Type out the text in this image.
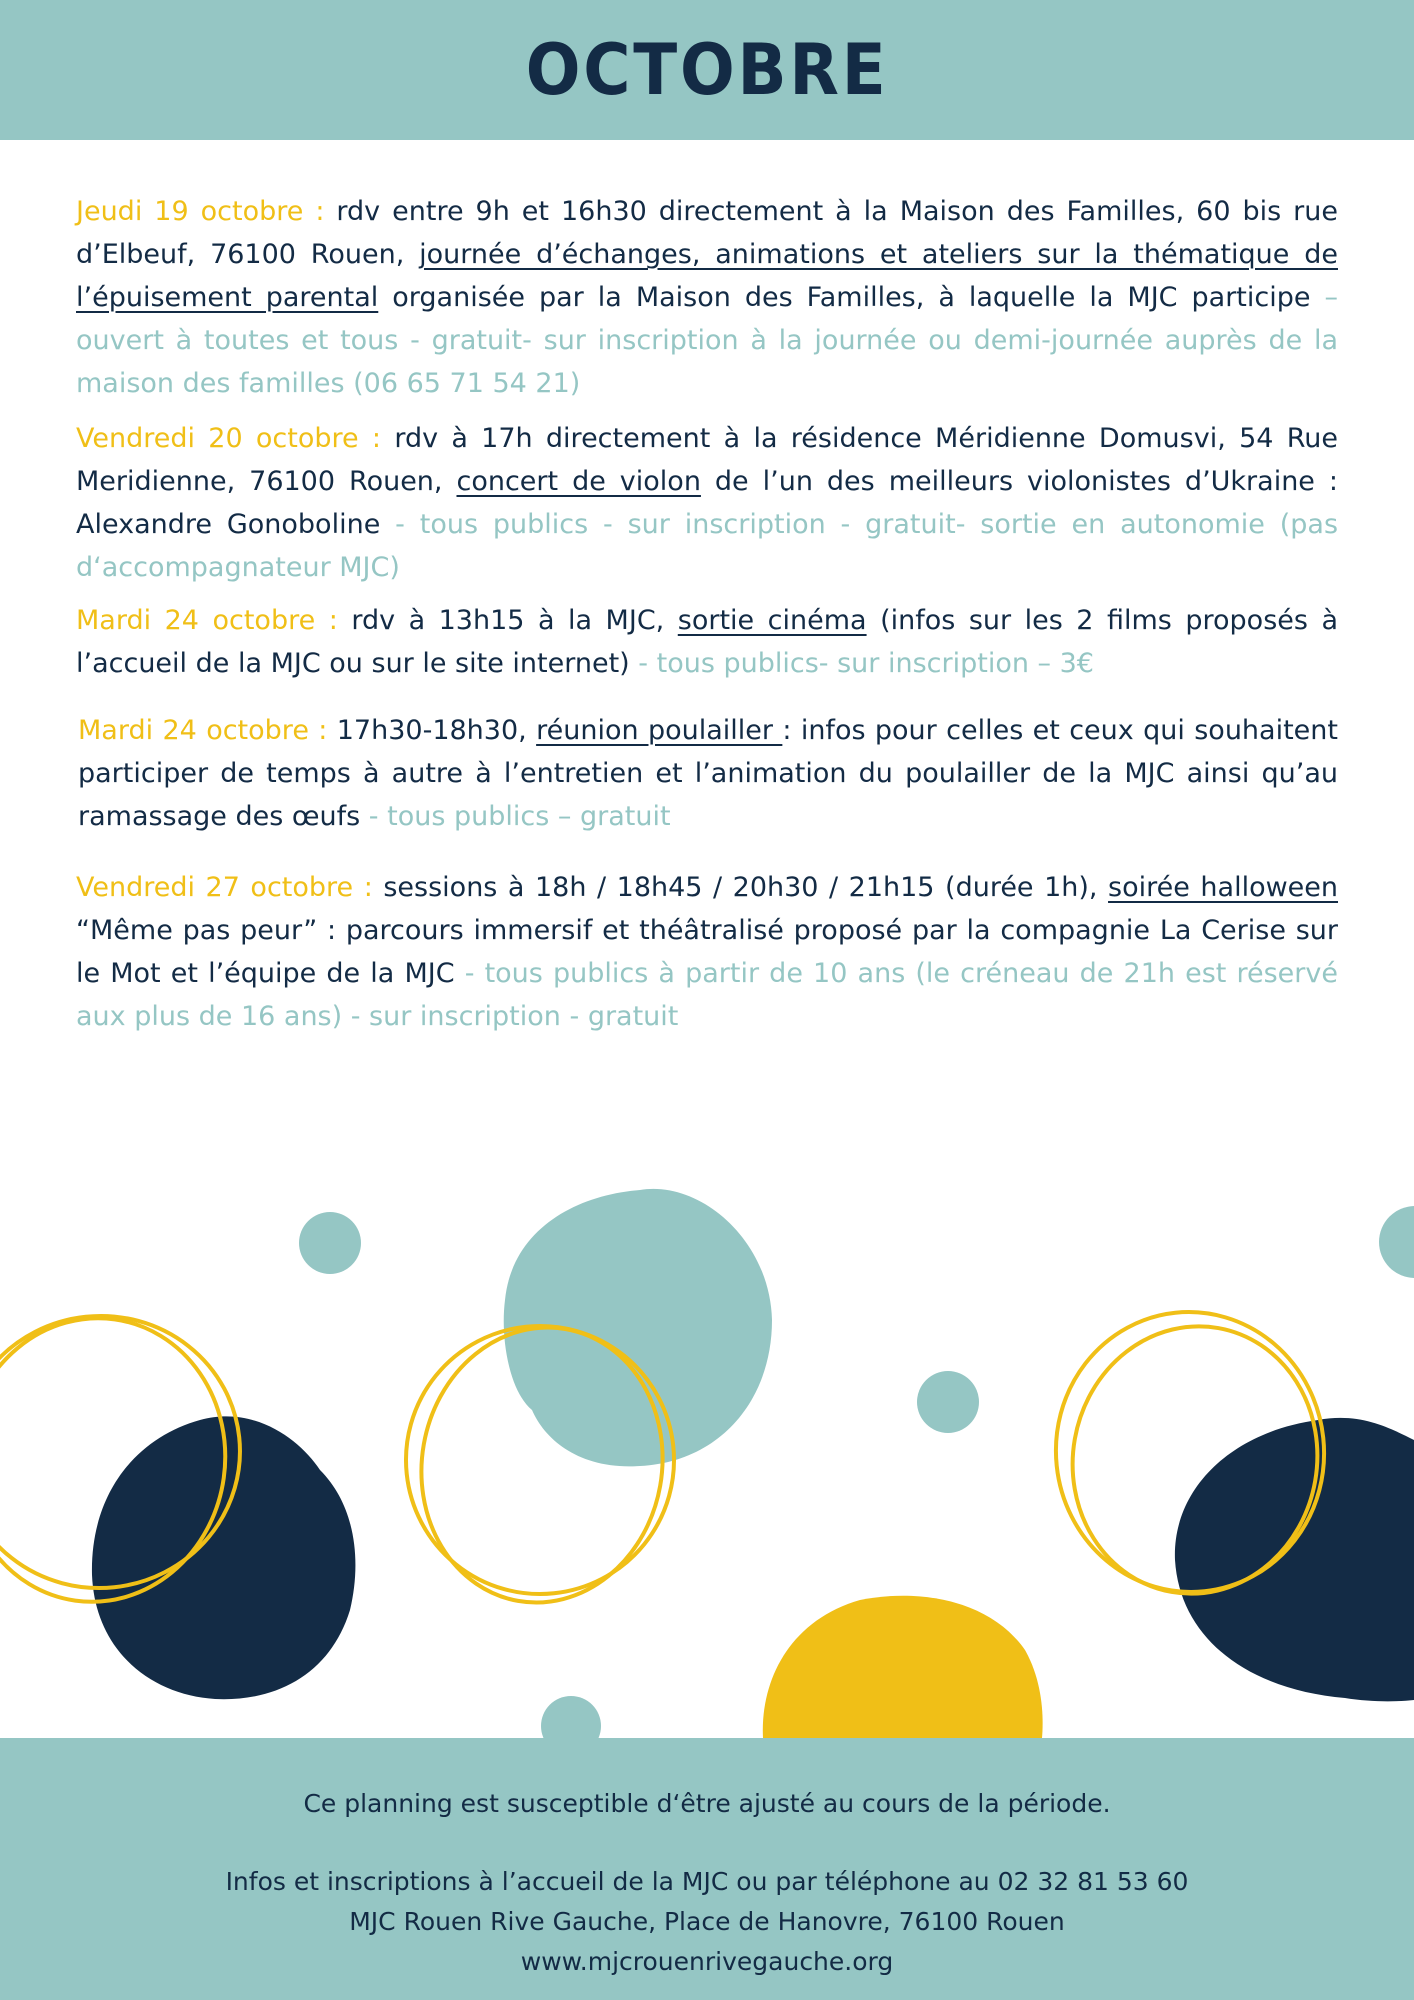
OCTOBRE

Jeudi 19 octobre : rdv entre 9h et 16h30 directement à la Maison des Familles, 60 bis rue d’Elbeuf, 76100 Rouen, journée d’échanges, animations et ateliers sur la thématique de l’épuisement parental organisée par la Maison des Familles, à laquelle la MJC participe – ouvert à toutes et tous - gratuit- sur inscription à la journée ou demi-journée auprès de la maison des familles (06 65 71 54 21)

Vendredi 20 octobre : rdv à 17h directement à la résidence Méridienne Domusvi, 54 Rue Meridienne, 76100 Rouen, concert de violon de l’un des meilleurs violonistes d’Ukraine : Alexandre Gonoboline - tous publics - sur inscription - gratuit- sortie en autonomie (pas d‘accompagnateur MJC)

Mardi 24 octobre : rdv à 13h15 à la MJC, sortie cinéma (infos sur les 2 films proposés à l’accueil de la MJC ou sur le site internet) - tous publics- sur inscription – 3€

Mardi 24 octobre : 17h30-18h30, réunion poulailler : infos pour celles et ceux qui souhaitent participer de temps à autre à l’entretien et l’animation du poulailler de la MJC ainsi qu’au ramassage des œufs - tous publics – gratuit

Vendredi 27 octobre : sessions à 18h / 18h45 / 20h30 / 21h15 (durée 1h), soirée halloween “Même pas peur” : parcours immersif et théâtralisé proposé par la compagnie La Cerise sur le Mot et l’équipe de la MJC - tous publics à partir de 10 ans (le créneau de 21h est réservé aux plus de 16 ans) - sur inscription - gratuit

Ce planning est susceptible d‘être ajusté au cours de la période.
Infos et inscriptions à l’accueil de la MJC ou par téléphone au 02 32 81 53 60
MJC Rouen Rive Gauche, Place de Hanovre, 76100 Rouen
www.mjcrouenrivegauche.org
